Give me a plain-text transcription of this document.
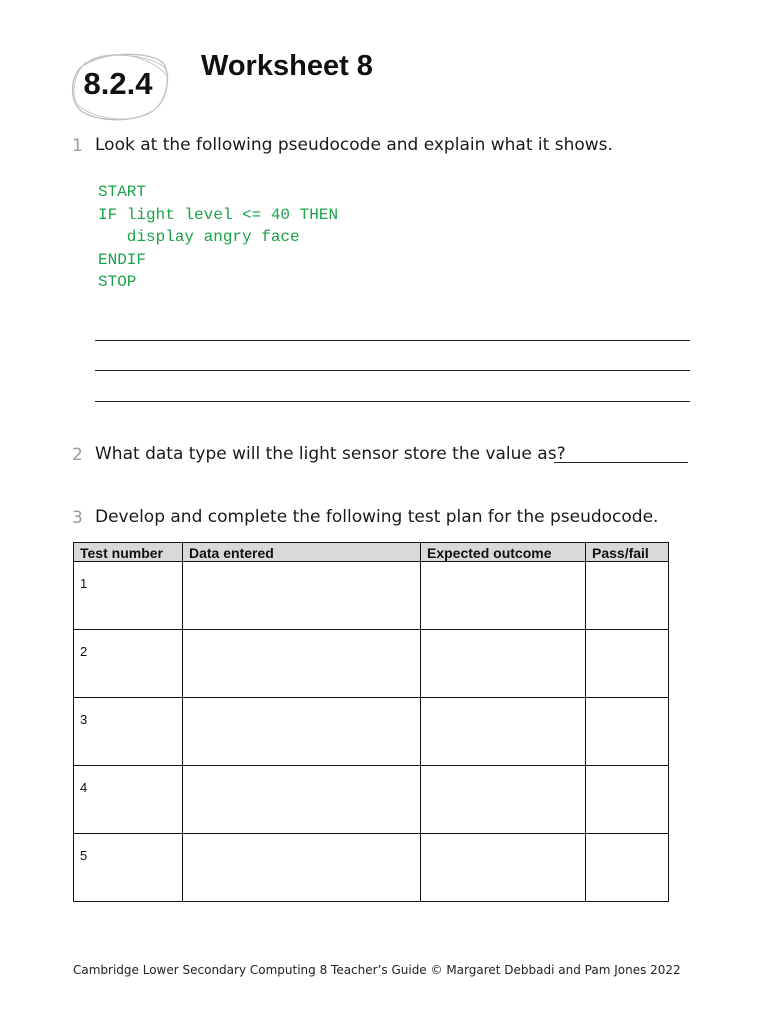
8.2.4	Worksheet 8
1 Look at the following pseudocode and explain what it shows.
START
IF light level <= 40 THEN
display angry face
ENDIF
STOP
2 What data type will the light sensor store the value as?
3 Develop and complete the following test plan for the pseudocode.
Test number	Data entered	Expected outcome	Pass/fail
1			
2			
3			
4			
5			
Cambridge Lower Secondary Computing 8 Teacher’s Guide © Margaret Debbadi and Pam Jones 2022
